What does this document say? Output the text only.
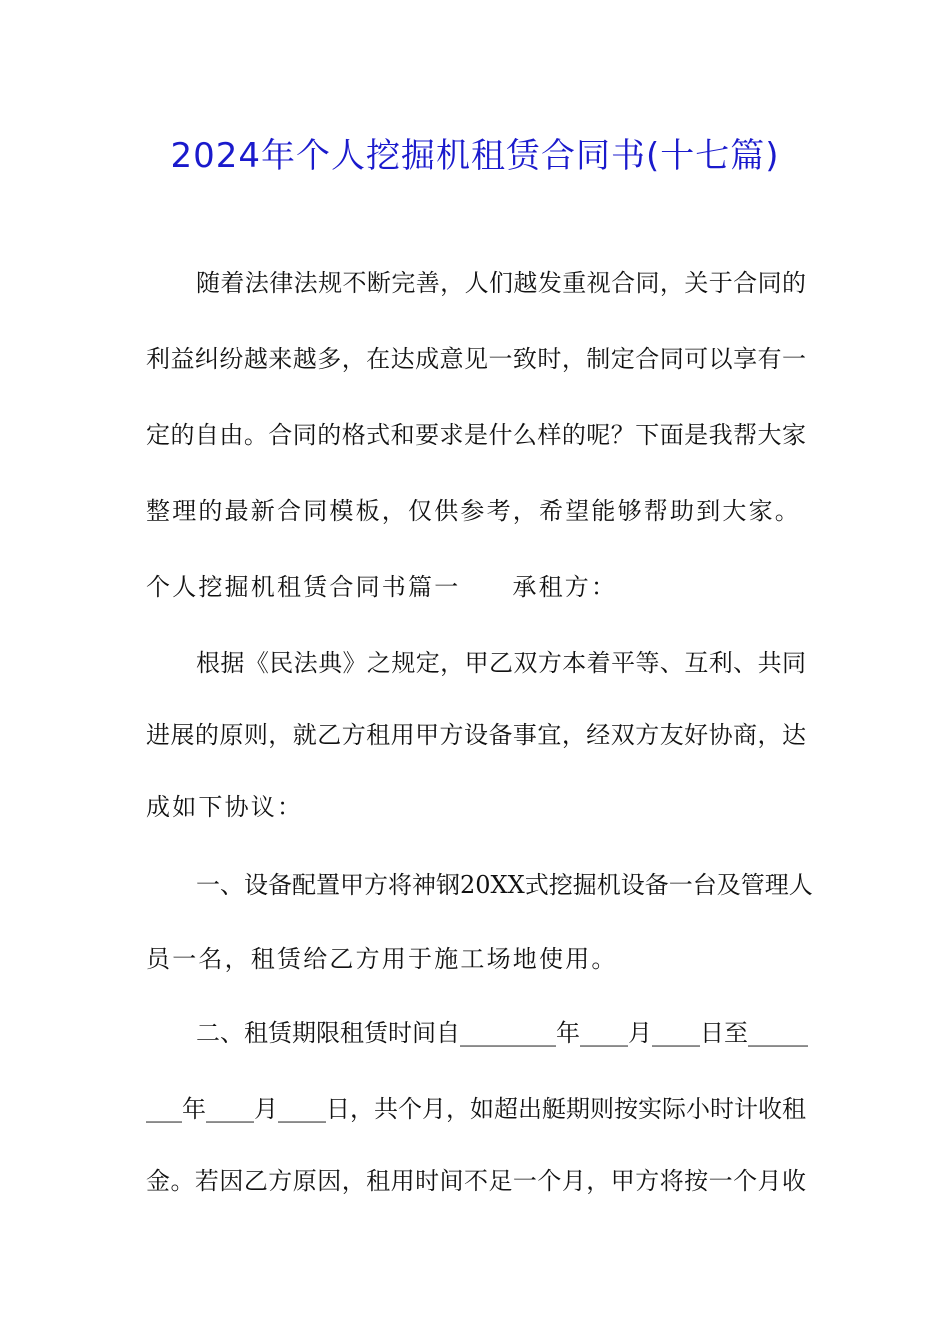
2024年个人挖掘机租赁合同书(十七篇)
随着法律法规不断完善，人们越发重视合同，关于合同的
利益纠纷越来越多，在达成意见一致时，制定合同可以享有一
定的自由。合同的格式和要求是什么样的呢？下面是我帮大家
整理的最新合同模板，仅供参考，希望能够帮助到大家。
个人挖掘机租赁合同书篇一 承租方：
根据《民法典》之规定，甲乙双方本着平等、互利、共同
进展的原则，就乙方租用甲方设备事宜，经双方友好协商，达
成如下协议：
一、设备配置甲方将神钢20XX式挖掘机设备一台及管理人
员一名，租赁给乙方用于施工场地使用。
二、租赁期限租赁时间自________年____月____日至_____
___年____月____日，共个月，如超出艇期则按实际小时计收租
金。若因乙方原因，租用时间不足一个月，甲方将按一个月收
